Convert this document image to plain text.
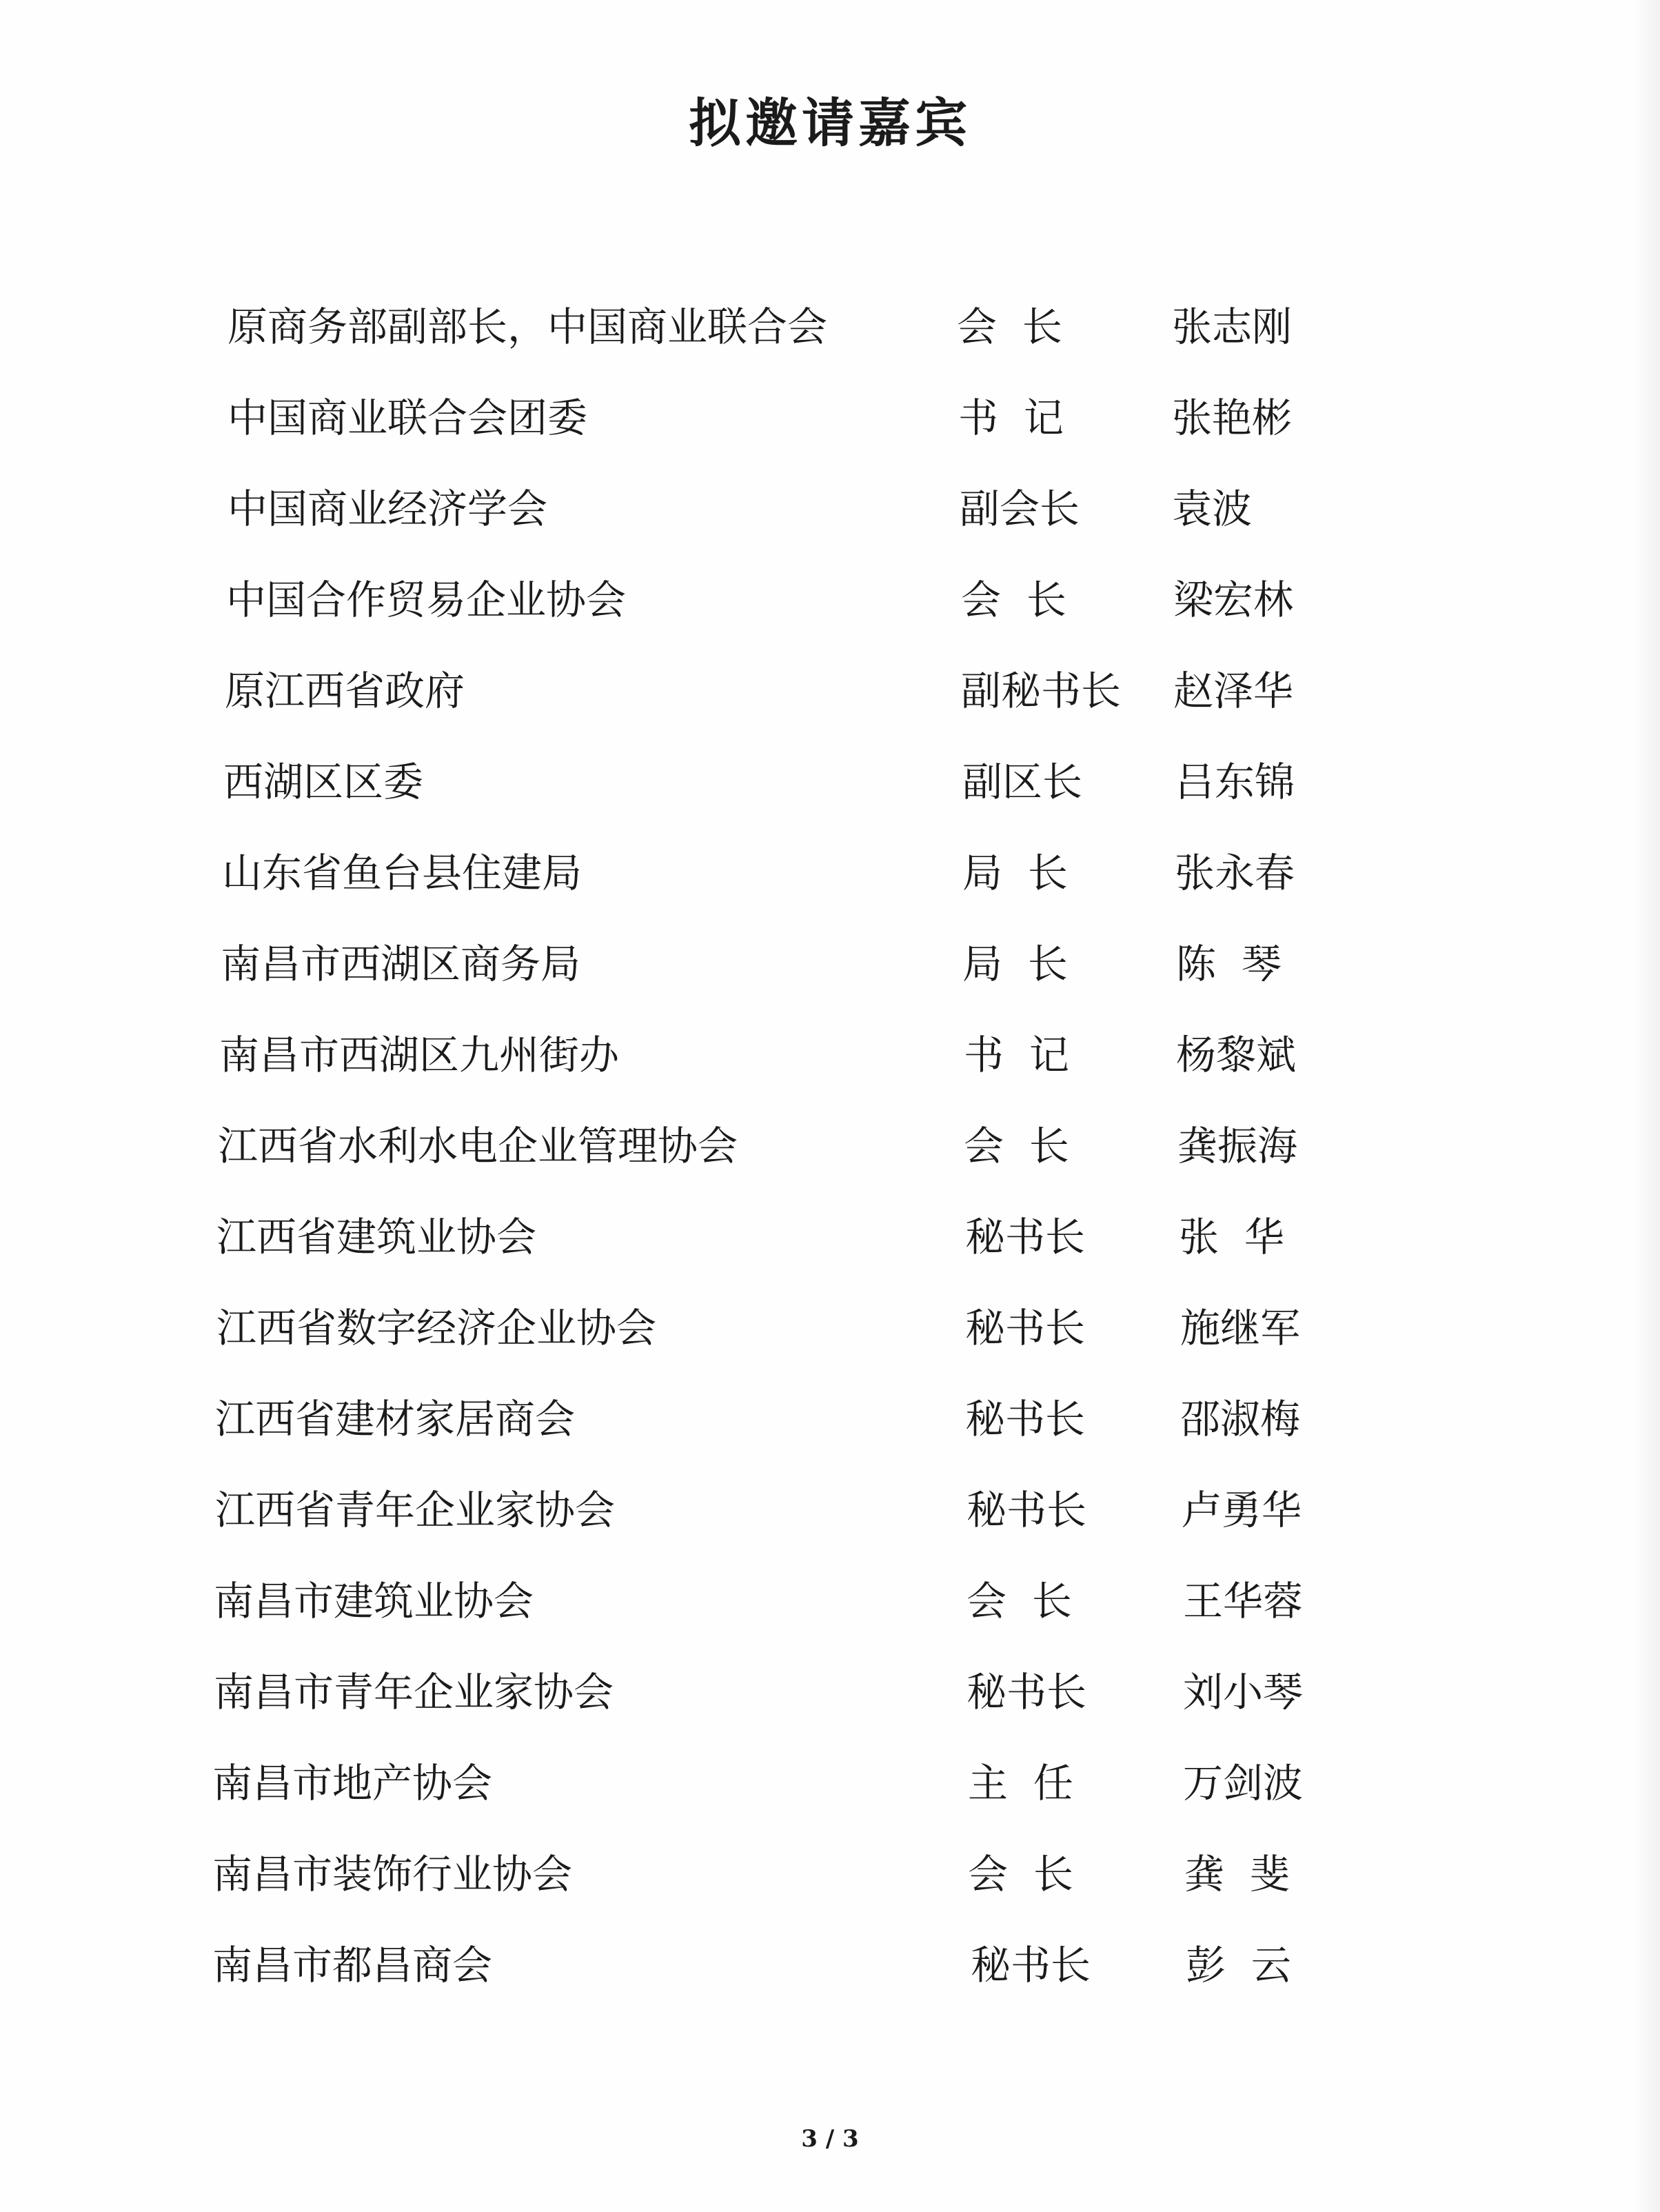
拟邀请嘉宾
原商务部副部长，中国商业联合会	会  长	张志刚
中国商业联合会团委	书  记	张艳彬
中国商业经济学会	副会长 袁波
中国合作贸易企业协会	会  长	梁宏林
原江西省政府	副秘书长 赵泽华
西湖区区委	副区长 吕东锦
山东省鱼台县住建局	局  长	张永春
南昌市西湖区商务局	局  长	陈  琴
南昌市西湖区九州街办	书  记	杨黎斌
江西省水利水电企业管理协会	会  长	龚振海
江西省建筑业协会	秘书长 张  华
江西省数字经济企业协会	秘书长 施继军
江西省建材家居商会	秘书长 邵淑梅
江西省青年企业家协会	秘书长 卢勇华
南昌市建筑业协会	会  长	王华蓉
南昌市青年企业家协会	秘书长 刘小琴
南昌市地产协会	主  任	万剑波
南昌市装饰行业协会	会  长	龚  斐
南昌市都昌商会	秘书长 彭  云
3 / 3
